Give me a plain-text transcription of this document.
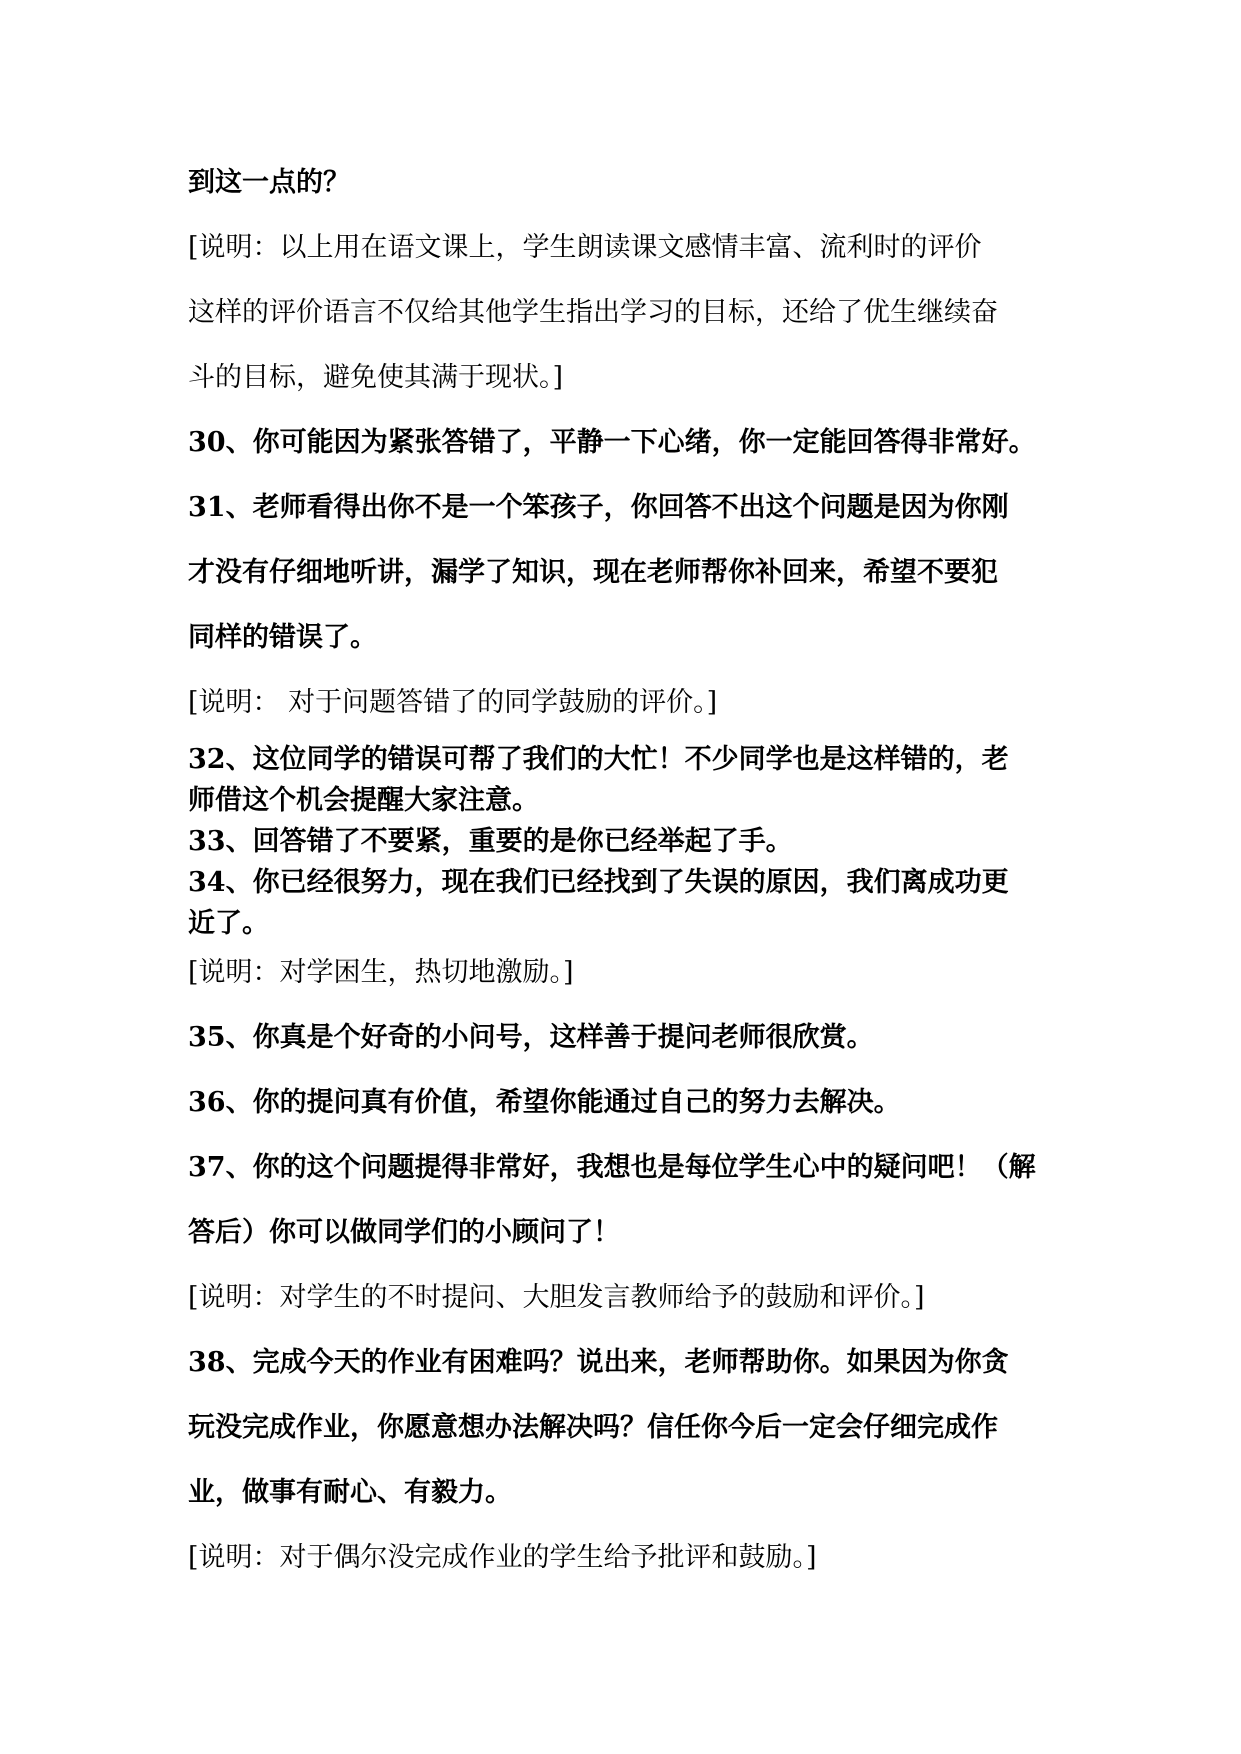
到这一点的？

[说明：以上用在语文课上，学生朗读课文感情丰富、流利时的评价

这样的评价语言不仅给其他学生指出学习的目标，还给了优生继续奋

斗的目标，避免使其满于现状。]

30、你可能因为紧张答错了，平静一下心绪，你一定能回答得非常好。

31、老师看得出你不是一个笨孩子，你回答不出这个问题是因为你刚

才没有仔细地听讲，漏学了知识，现在老师帮你补回来，希望不要犯

同样的错误了。

[说明： 对于问题答错了的同学鼓励的评价。]

32、这位同学的错误可帮了我们的大忙！不少同学也是这样错的，老

师借这个机会提醒大家注意。

33、回答错了不要紧，重要的是你已经举起了手。

34、你已经很努力，现在我们已经找到了失误的原因，我们离成功更

近了。

[说明：对学困生，热切地激励。]

35、你真是个好奇的小问号，这样善于提问老师很欣赏。

36、你的提问真有价值，希望你能通过自己的努力去解决。

37、你的这个问题提得非常好，我想也是每位学生心中的疑问吧！（解

答后）你可以做同学们的小顾问了！

[说明：对学生的不时提问、大胆发言教师给予的鼓励和评价。]

38、完成今天的作业有困难吗？说出来，老师帮助你。如果因为你贪

玩没完成作业，你愿意想办法解决吗？信任你今后一定会仔细完成作

业，做事有耐心、有毅力。

[说明：对于偶尔没完成作业的学生给予批评和鼓励。]
